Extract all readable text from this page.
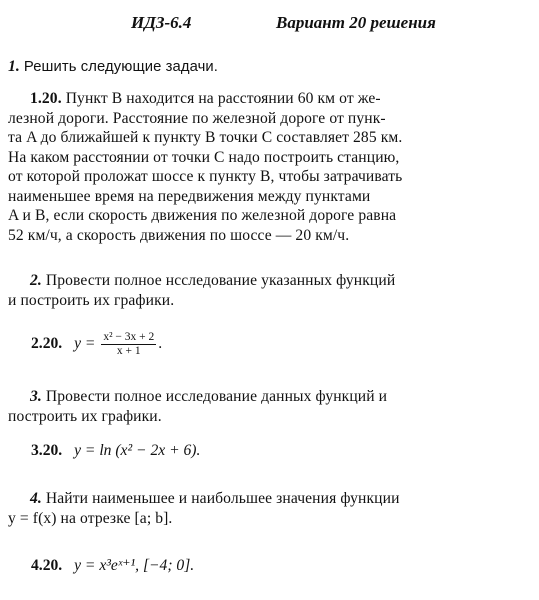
ИДЗ-6.4	Вариант 20 решения
1. Решить следующие задачи.
1.20. Пункт B находится на расстоянии 60 км от же-
лезной дороги. Расстояние по железной дороге от пунк-
та A до ближайшей к пункту B точки C составляет 285 км.
На каком расстоянии от точки C надо построить станцию,
от которой проложат шоссе к пункту B, чтобы затрачивать
наименьшее время на передвижения между пунктами
A и B, если скорость движения по железной дороге равна
52 км/ч, а скорость движения по шоссе — 20 км/ч.
2. Провести полное нсследование указанных функций
и построить их графики.
2.20. $y = \frac{\text{x² − 3x + 2}}{x + 1}$ .
3. Провести полное исследование данных функций и
построить их графики.
3.20. y = ln (x² − 2x + 6).
4. Найти наименьшее и наибольшее значения функции
y = f(x) на отрезке [a; b].
4.20. y = x³eˣ⁺¹, [−4; 0].
